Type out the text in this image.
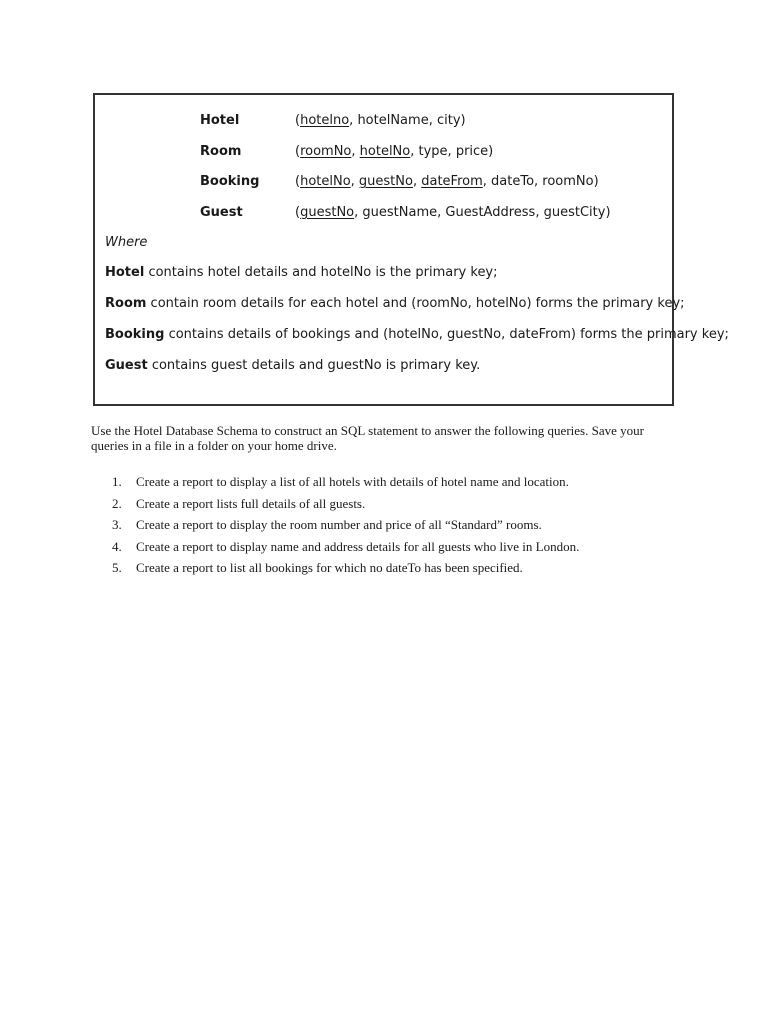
Hotel	(hotelno, hotelName, city)
Room	(roomNo, hotelNo, type, price)
Booking	(hotelNo, guestNo, dateFrom, dateTo, roomNo)
Guest	(guestNo, guestName, GuestAddress, guestCity)
Where
Hotel contains hotel details and hotelNo is the primary key;
Room contain room details for each hotel and (roomNo, hotelNo) forms the primary key;
Booking contains details of bookings and (hotelNo, guestNo, dateFrom) forms the primary key;
Guest contains guest details and guestNo is primary key.

Use the Hotel Database Schema to construct an SQL statement to answer the following queries. Save your queries in a file in a folder on your home drive.

1. Create a report to display a list of all hotels with details of hotel name and location.
2. Create a report lists full details of all guests.
3. Create a report to display the room number and price of all “Standard” rooms.
4. Create a report to display name and address details for all guests who live in London.
5. Create a report to list all bookings for which no dateTo has been specified.
